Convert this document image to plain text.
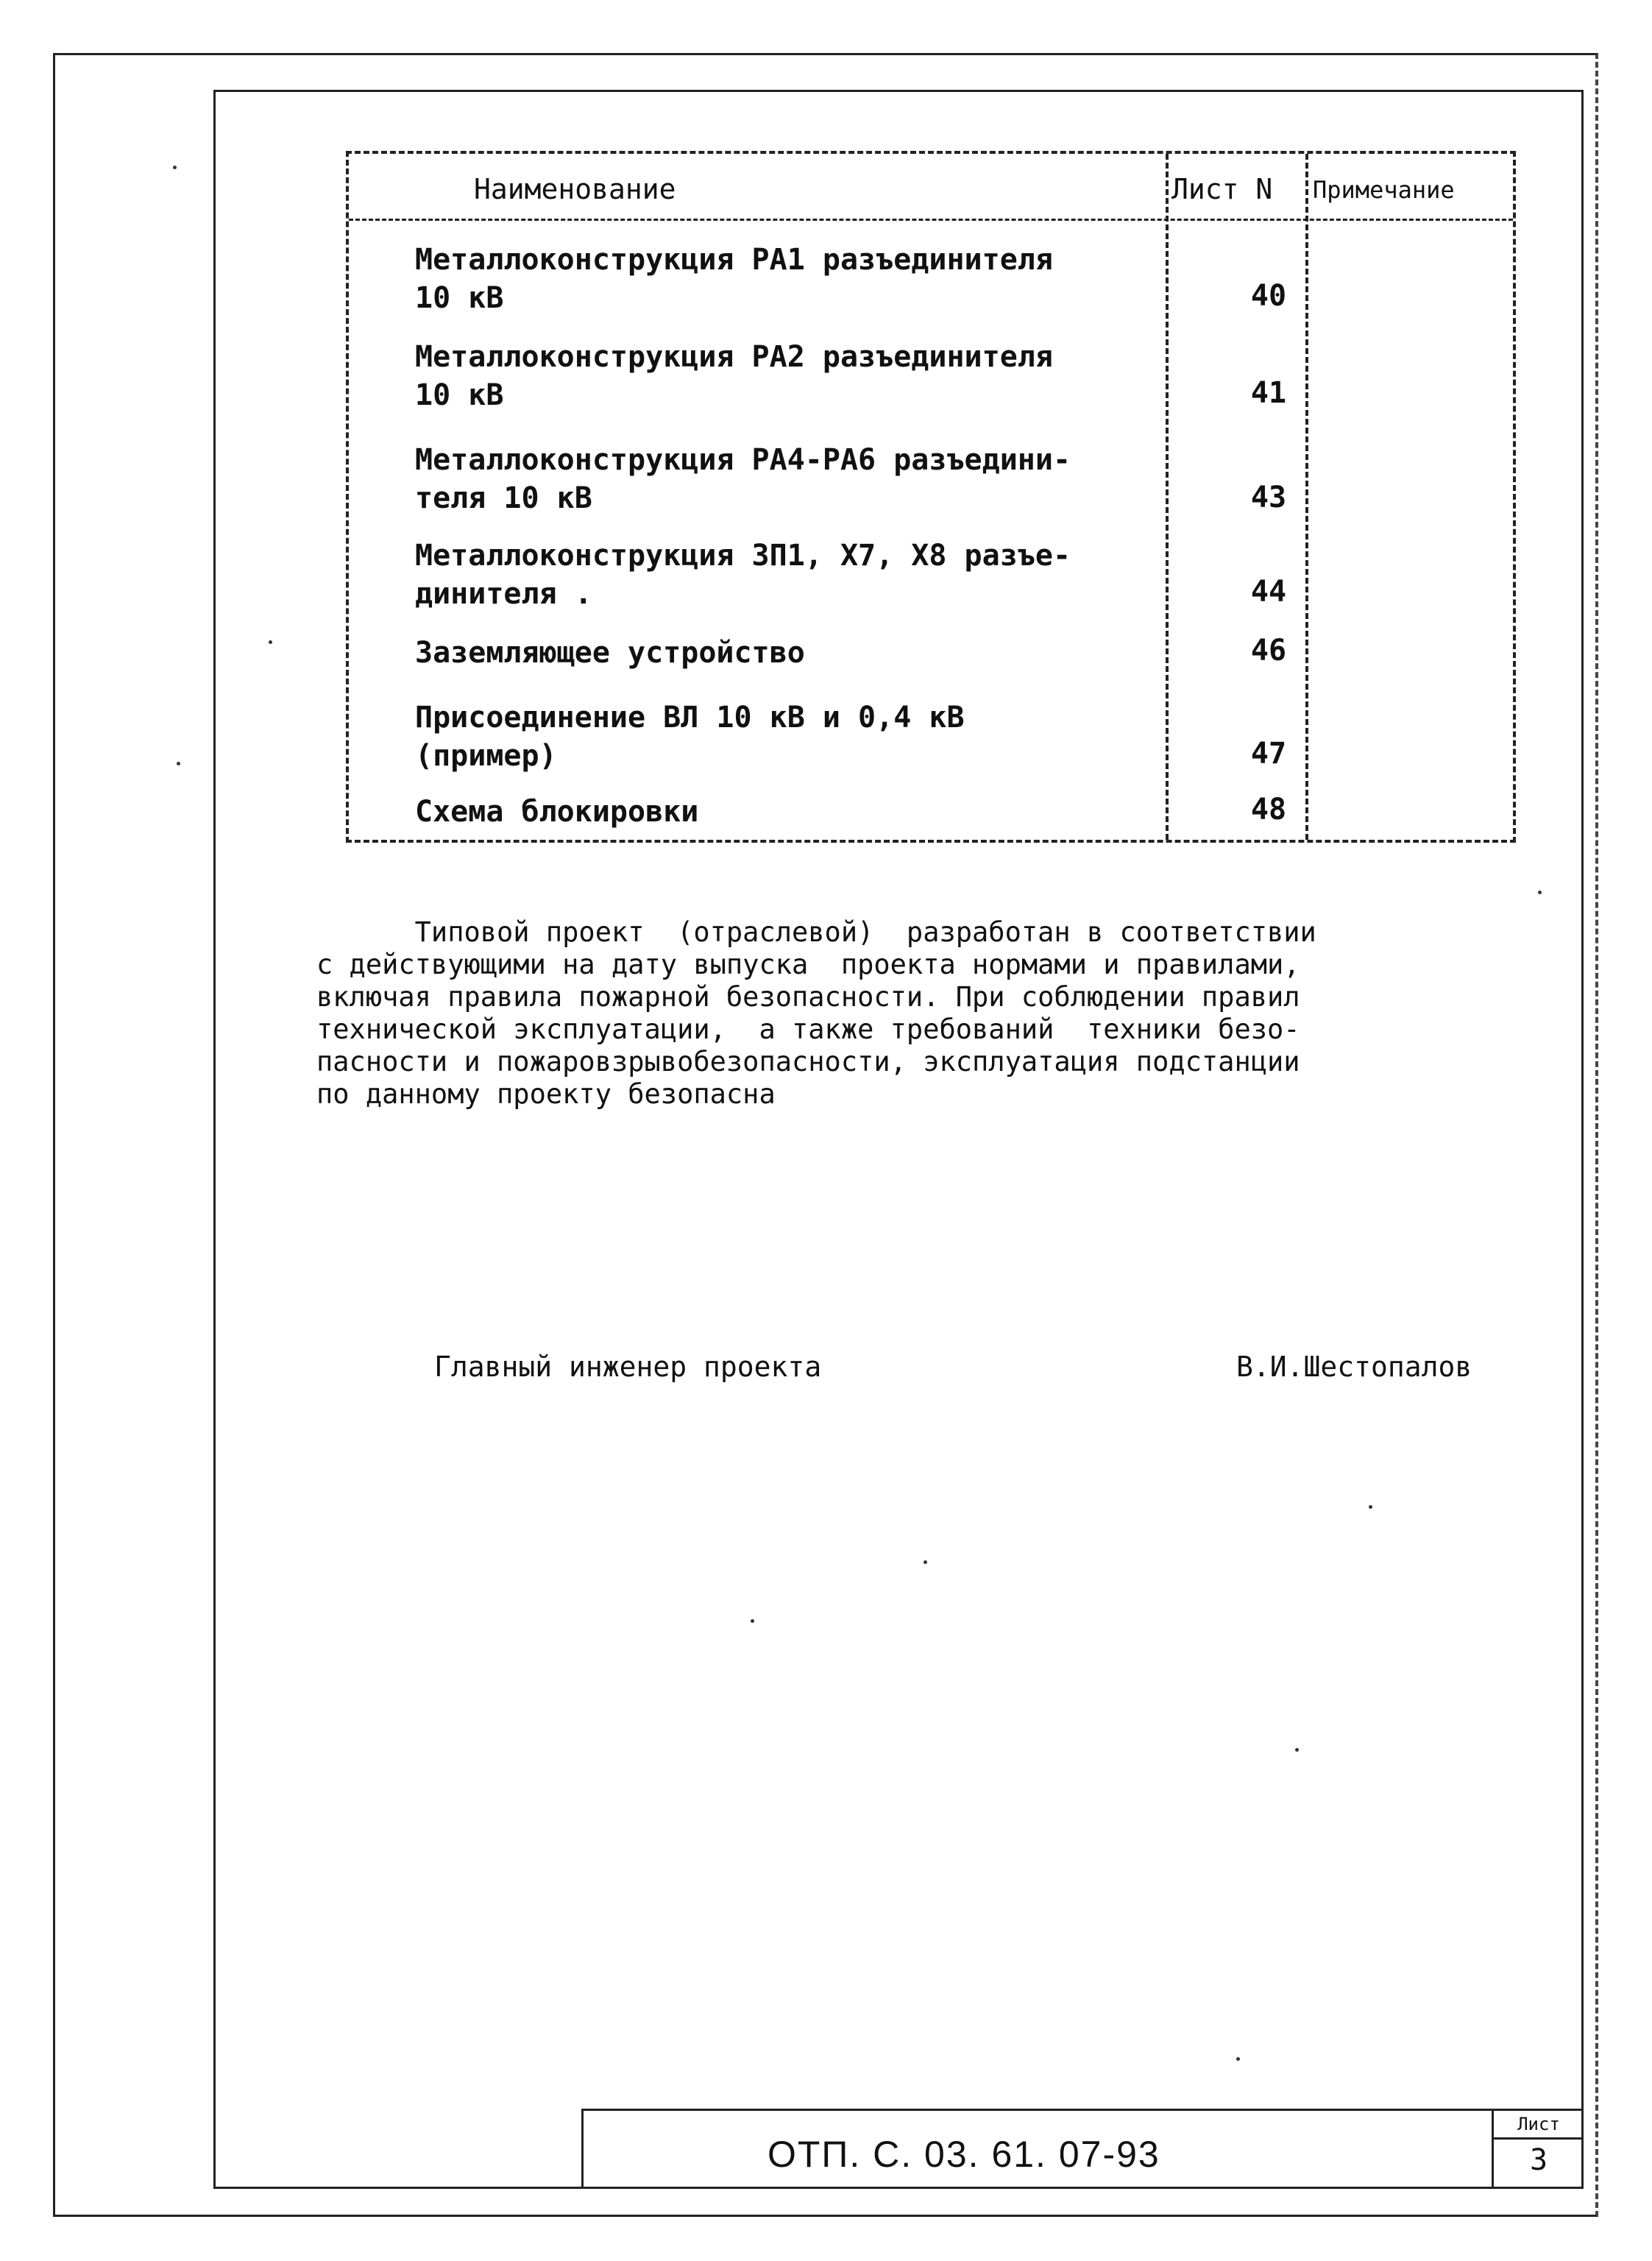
Наименование	Лист N Примечание
Металлоконструкция РА1 разъединителя
10 кВ	40
Металлоконструкция РА2 разъединителя
10 кВ	41
Металлоконструкция РА4-РА6 разъедини-
теля 10 кВ	43
Металлоконструкция ЗП1, Х7, Х8 разъе-
динителя .	44
Заземляющее устройство	46
Присоединение ВЛ 10 кВ и 0,4 кВ
(пример)	47
Схема блокировки	48
Типовой проект  (отраслевой)  разработан в соответствии
с действующими на дату выпуска  проекта нормами и правилами,
включая правила пожарной безопасности. При соблюдении правил
технической эксплуатации,  а также требований  техники безо-
пасности и пожаровзрывобезопасности, эксплуатация подстанции
по данному проекту безопасна
Главный инженер проекта	В.И.Шестопалов
ОТП. С. 03. 61. 07-93
Лист
3
